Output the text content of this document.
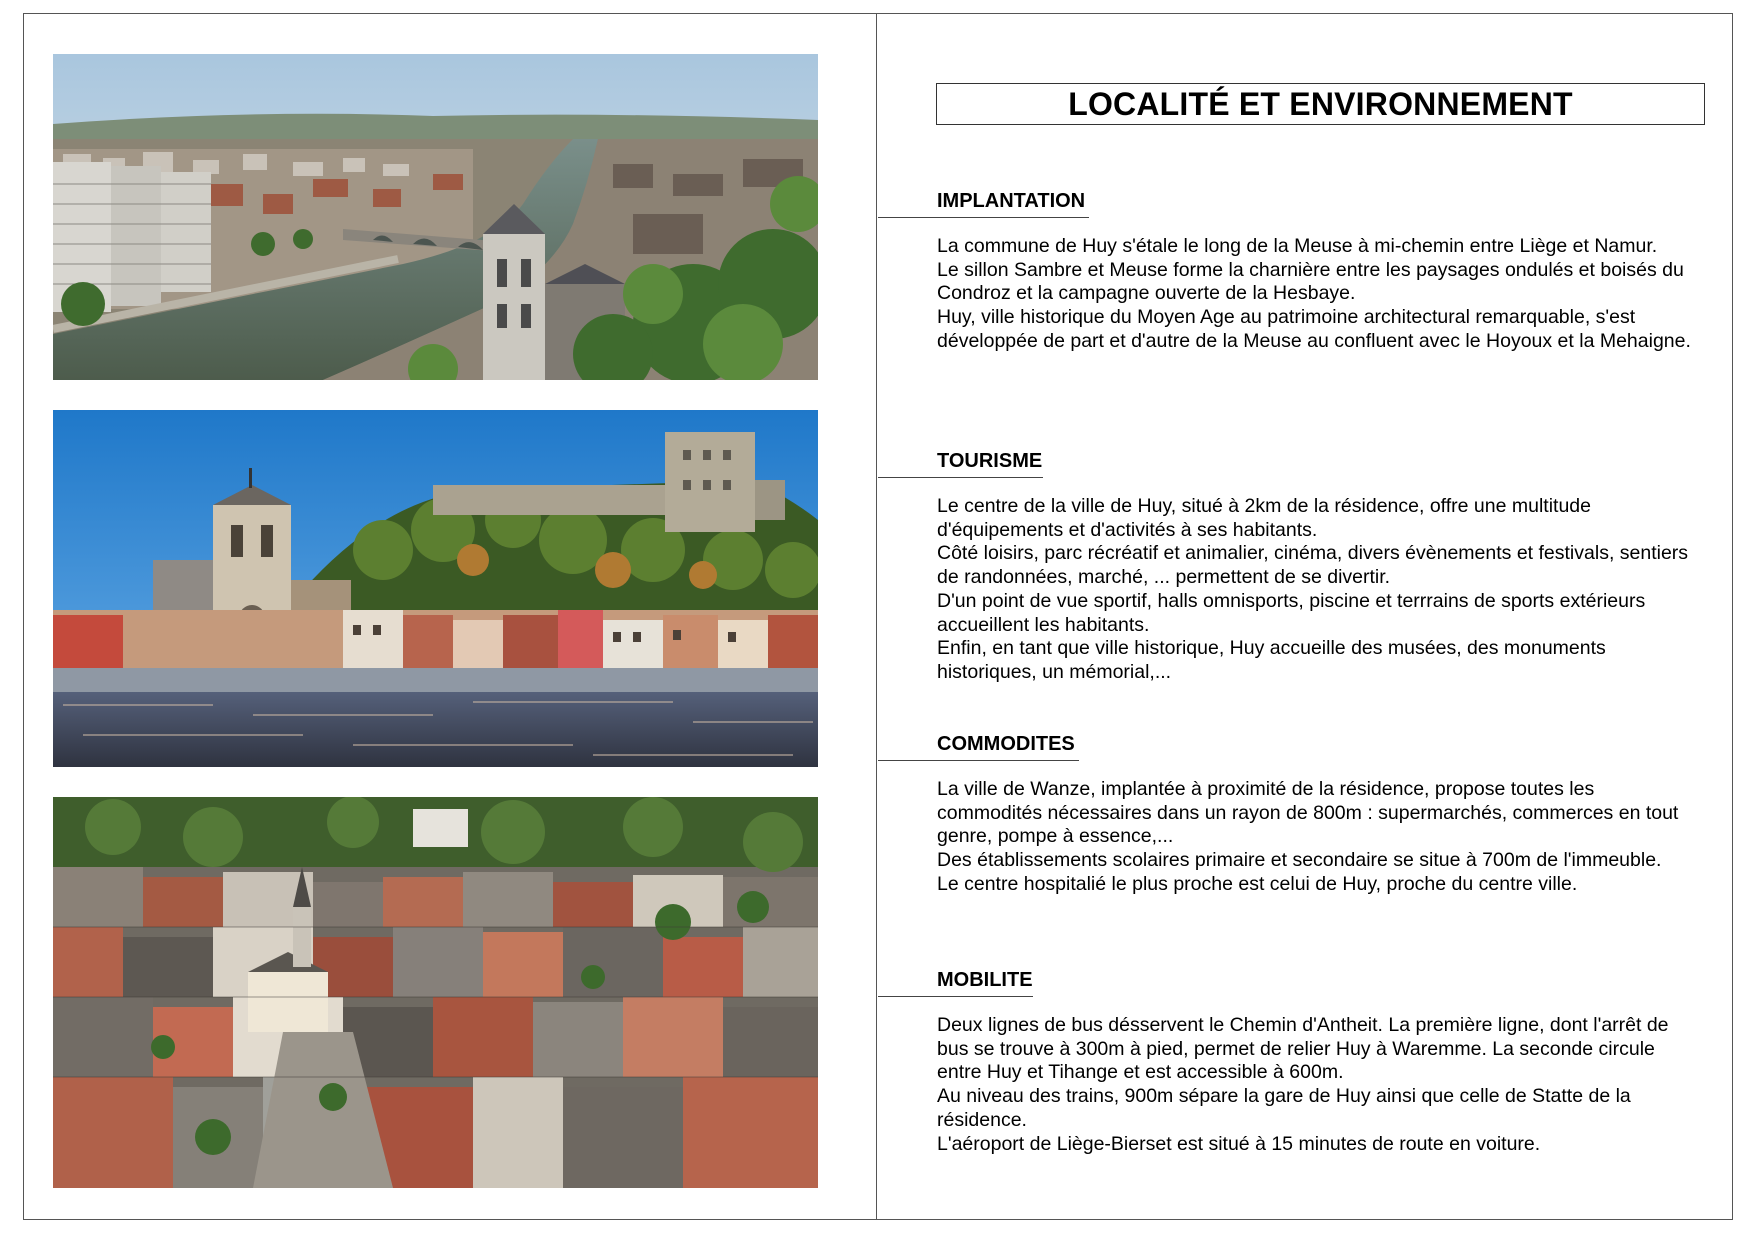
LOCALITÉ ET ENVIRONNEMENT
IMPLANTATION

La commune de Huy s'étale le long de la Meuse à mi-chemin entre Liège et Namur.

Le sillon Sambre et Meuse forme la charnière entre les paysages ondulés et boisés du Condroz et la campagne ouverte de la Hesbaye.

Huy, ville historique du Moyen Age au patrimoine architectural remarquable, s'est développée de part et d'autre de la Meuse au confluent avec le Hoyoux et la Mehaigne.

TOURISME

Le centre de la ville de Huy, situé à 2km de la résidence, offre une multitude d'équipements et d'activités à ses habitants.

Côté loisirs, parc récréatif et animalier, cinéma, divers évènements et festivals, sentiers de randonnées, marché, ... permettent de se divertir.

D'un point de vue sportif, halls omnisports, piscine et terrrains de sports extérieurs accueillent les habitants.

Enfin, en tant que ville historique, Huy accueille des musées, des monuments historiques, un mémorial,...

COMMODITES

La ville de Wanze, implantée à proximité de la résidence, propose toutes les commodités nécessaires dans un rayon de 800m : supermarchés, commerces en tout genre, pompe à essence,...

Des établissements scolaires primaire et secondaire se situe à 700m de l'immeuble.

Le centre hospitalié le plus proche est celui de Huy, proche du centre ville.

MOBILITE

Deux lignes de bus désservent le Chemin d'Antheit. La première ligne, dont l'arrêt de bus se trouve à 300m à pied, permet de relier Huy à Waremme. La seconde circule entre Huy et Tihange et est accessible à 600m.

Au niveau des trains, 900m sépare la gare de Huy ainsi que celle de Statte de la résidence.

L'aéroport de Liège-Bierset est situé à 15 minutes de route en voiture.
